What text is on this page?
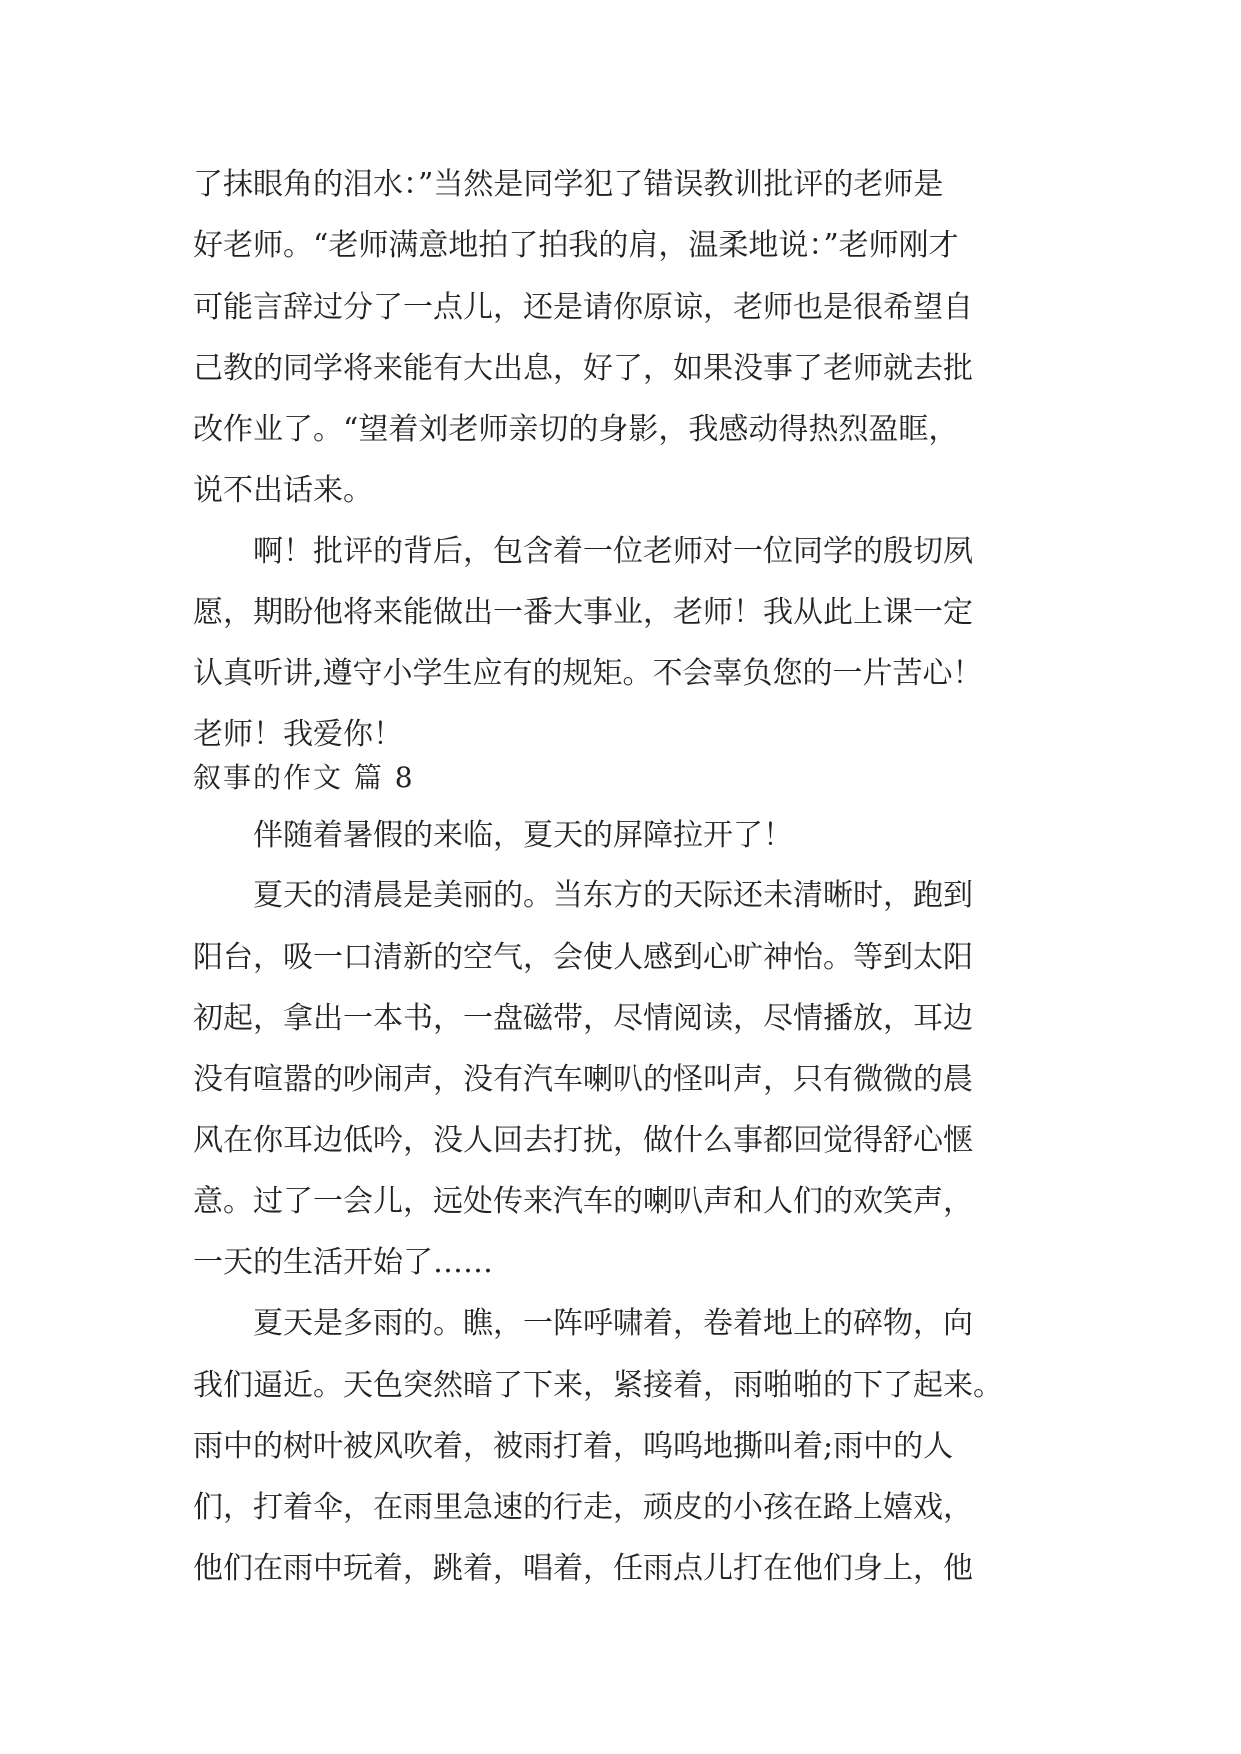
了抹眼角的泪水：”当然是同学犯了错误教训批评的老师是
好老师。“老师满意地拍了拍我的肩，温柔地说：”老师刚才
可能言辞过分了一点儿，还是请你原谅，老师也是很希望自
己教的同学将来能有大出息，好了，如果没事了老师就去批
改作业了。“望着刘老师亲切的身影，我感动得热烈盈眶，
说不出话来。
啊！批评的背后，包含着一位老师对一位同学的殷切夙
愿，期盼他将来能做出一番大事业，老师！我从此上课一定
认真听讲,遵守小学生应有的规矩。不会辜负您的一片苦心！
老师！我爱你！
叙事的作文 篇 8
伴随着暑假的来临，夏天的屏障拉开了！
夏天的清晨是美丽的。当东方的天际还未清晰时，跑到
阳台，吸一口清新的空气，会使人感到心旷神怡。等到太阳
初起，拿出一本书，一盘磁带，尽情阅读，尽情播放，耳边
没有喧嚣的吵闹声，没有汽车喇叭的怪叫声，只有微微的晨
风在你耳边低吟，没人回去打扰，做什么事都回觉得舒心惬
意。过了一会儿，远处传来汽车的喇叭声和人们的欢笑声，
一天的生活开始了……
夏天是多雨的。瞧，一阵呼啸着，卷着地上的碎物，向
我们逼近。天色突然暗了下来，紧接着，雨啪啪的下了起来。
雨中的树叶被风吹着，被雨打着，呜呜地撕叫着;雨中的人
们，打着伞，在雨里急速的行走，顽皮的小孩在路上嬉戏，
他们在雨中玩着，跳着，唱着，任雨点儿打在他们身上，他
